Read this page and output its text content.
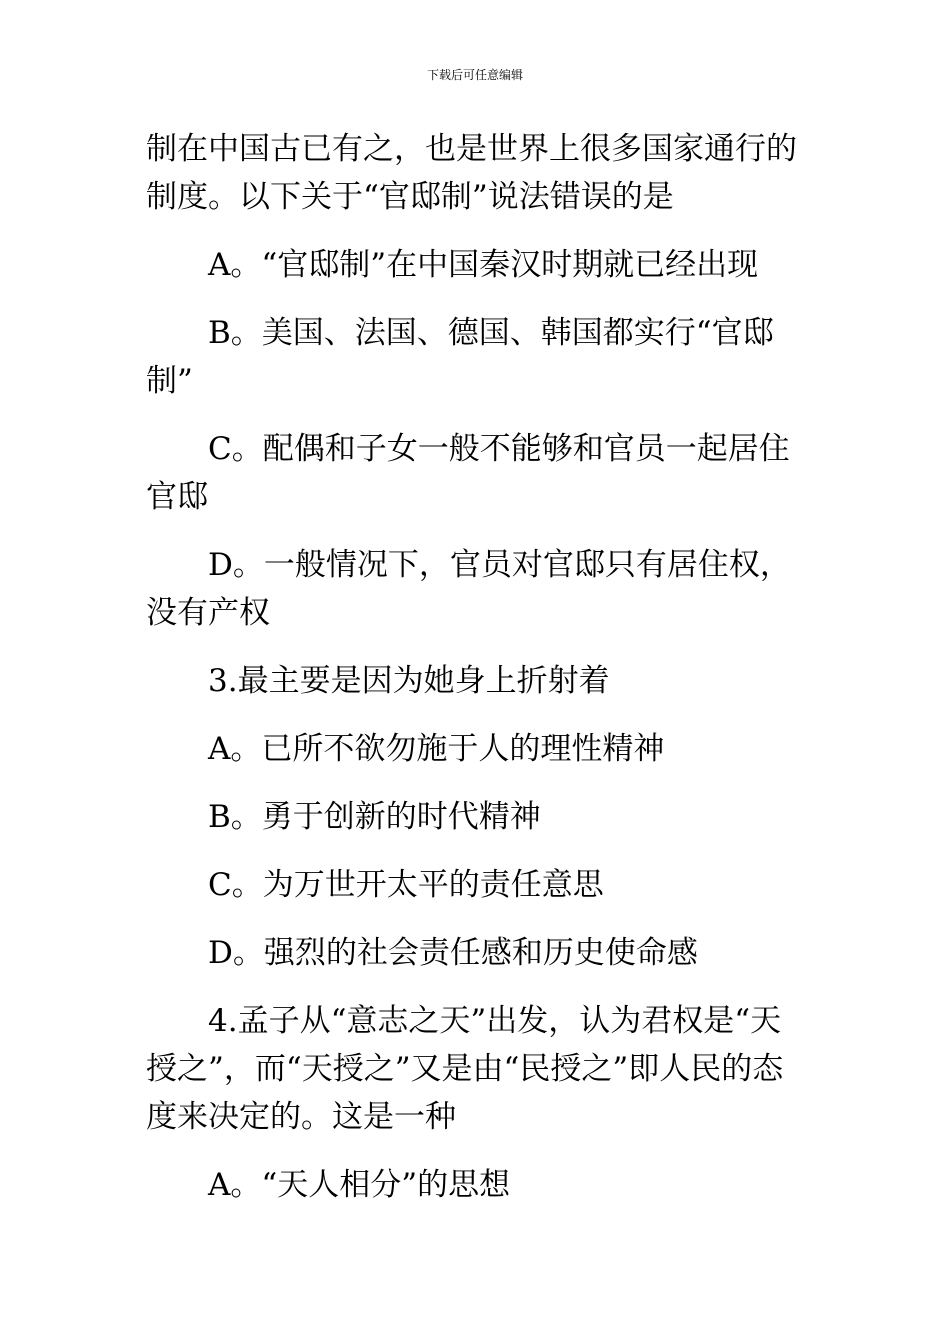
下载后可任意编辑

制在中国古已有之，也是世界上很多国家通行的制度。以下关于“官邸制”说法错误的是

A。“官邸制”在中国秦汉时期就已经出现

B。美国、法国、德国、韩国都实行“官邸制”

C。配偶和子女一般不能够和官员一起居住官邸

D。一般情况下，官员对官邸只有居住权，没有产权

3.最主要是因为她身上折射着

A。已所不欲勿施于人的理性精神

B。勇于创新的时代精神

C。为万世开太平的责任意思

D。强烈的社会责任感和历史使命感

4.孟子从“意志之天”出发，认为君权是“天授之”，而“天授之”又是由“民授之”即人民的态度来决定的。这是一种

A。“天人相分”的思想
